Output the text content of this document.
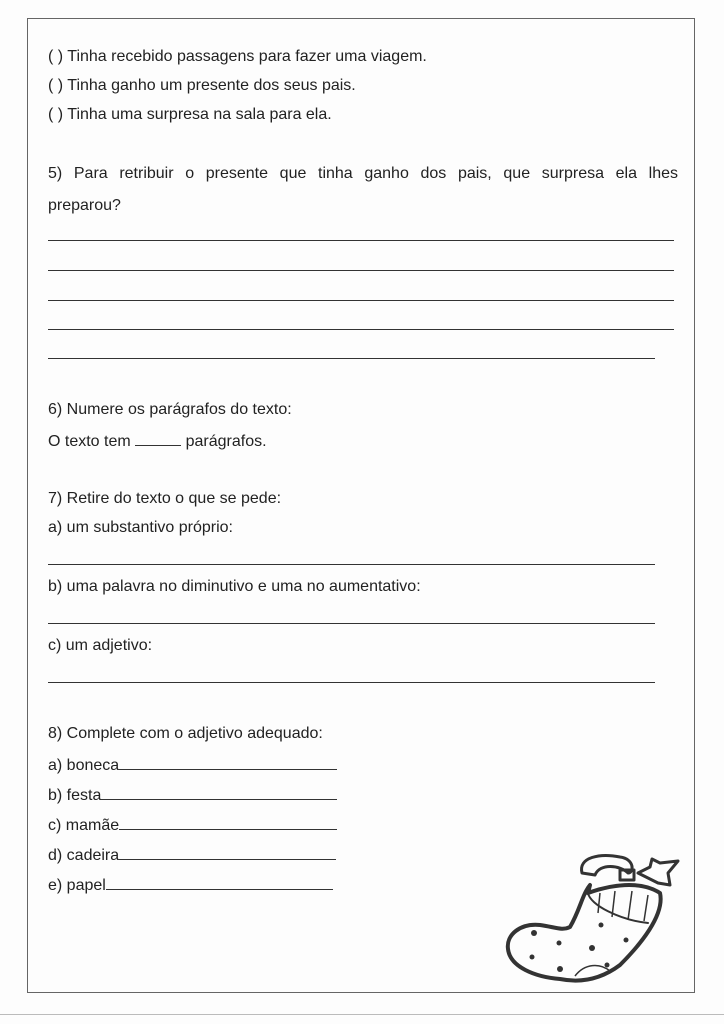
( ) Tinha recebido passagens para fazer uma viagem.
( ) Tinha ganho um presente dos seus pais.
( ) Tinha uma surpresa na sala para ela.
5) Para retribuir o presente que tinha ganho dos pais, que surpresa ela lhes
preparou?
6) Numere os parágrafos do texto:
O texto tem	parágrafos.
7) Retire do texto o que se pede:
a) um substantivo próprio:
b) uma palavra no diminutivo e uma no aumentativo:
c) um adjetivo:
8) Complete com o adjetivo adequado:
a) boneca
b) festa
c) mamãe
d) cadeira
e) papel
